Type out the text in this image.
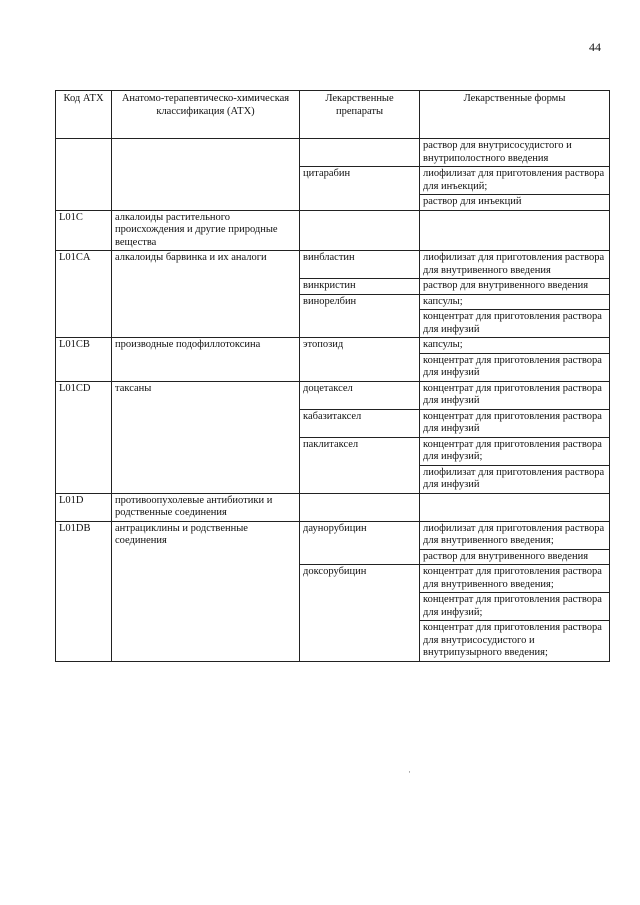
44
Код АТХ	Анатомо-терапевтическо-химическая классификация (АТХ)	Лекарственные препараты	Лекарственные формы
			раствор для внутрисосудистого и внутриполостного введения
		цитарабин	лиофилизат для приготовления раствора для инъекций;
			раствор для инъекций
L01C	алкалоиды растительного происхождения и другие природные вещества		
L01CA	алкалоиды барвинка и их аналоги	винбластин	лиофилизат для приготовления раствора для внутривенного введения
		винкристин	раствор для внутривенного введения
		винорелбин	капсулы;
			концентрат для приготовления раствора для инфузий
L01CB	производные подофиллотоксина	этопозид	капсулы;
			концентрат для приготовления раствора для инфузий
L01CD	таксаны	доцетаксел	концентрат для приготовления раствора для инфузий
		кабазитаксел	концентрат для приготовления раствора для инфузий
		паклитаксел	концентрат для приготовления раствора для инфузий;
			лиофилизат для приготовления раствора для инфузий
L01D	противоопухолевые антибиотики и родственные соединения		
L01DB	антрациклины и родственные соединения	даунорубицин	лиофилизат для приготовления раствора для внутривенного введения;
			раствор для внутривенного введения
		доксорубицин	концентрат для приготовления раствора для внутривенного введения;
			концентрат для приготовления раствора для инфузий;
			концентрат для приготовления раствора для внутрисосудистого и внутрипузырного введения;
·
